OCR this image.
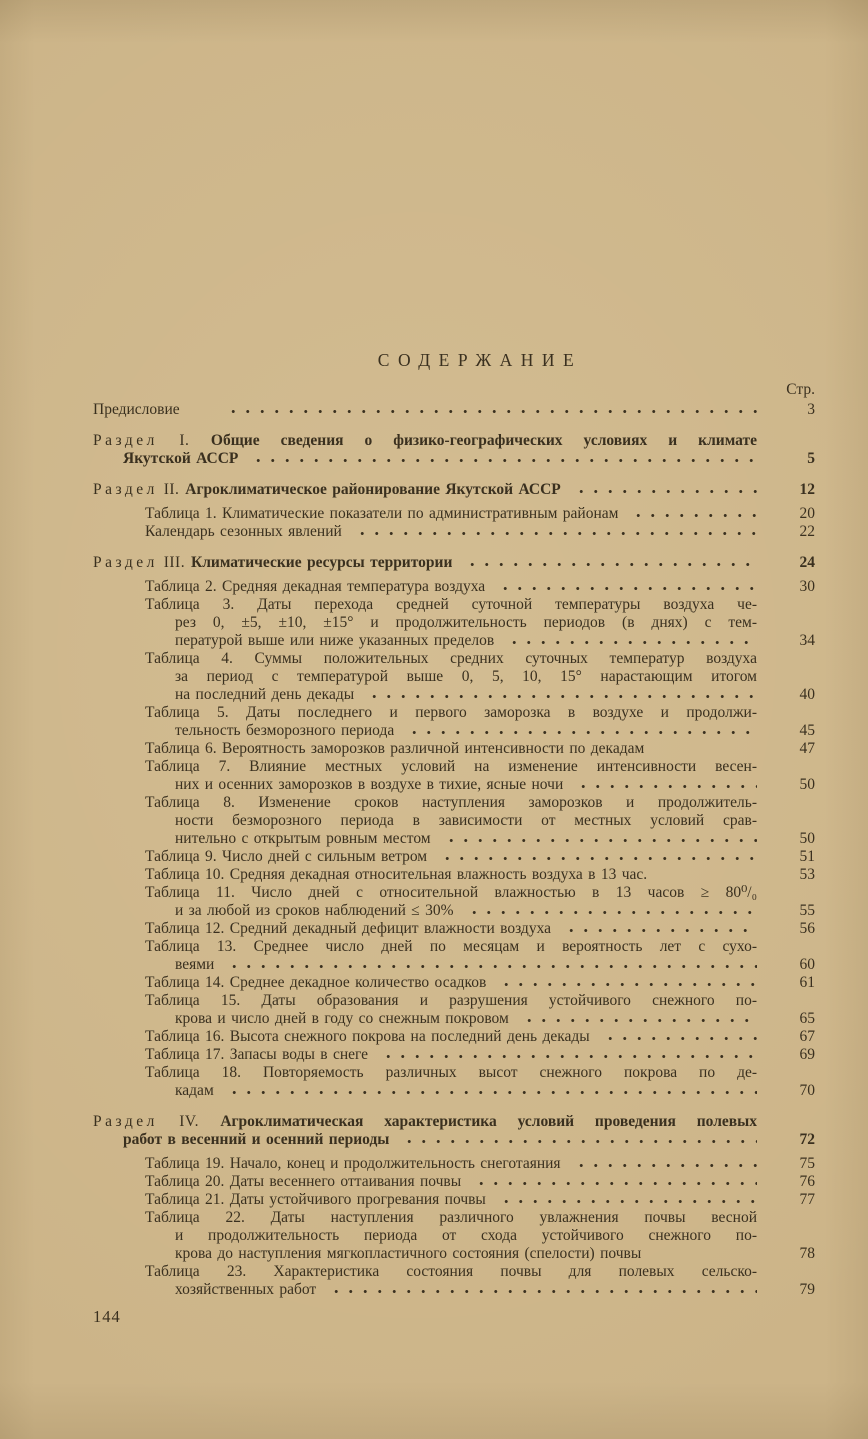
СОДЕРЖАНИЕ
Стр.
Предисловие	3
Раздел I. Общие сведения о физико-географических условиях и климате
Якутской АССР	5
Раздел II. Агроклиматическое районирование Якутской АССР	12
Таблица 1. Климатические показатели по административным районам	20
Календарь сезонных явлений	22
Раздел III. Климатические ресурсы территории	24
Таблица 2. Средняя декадная температура воздуха	30
Таблица 3. Даты перехода средней суточной температуры воздуха че-
рез 0, ±5, ±10, ±15° и продолжительность периодов (в днях) с тем-
пературой выше или ниже указанных пределов	34
Таблица 4. Суммы положительных средних суточных температур воздуха
за период с температурой выше 0, 5, 10, 15° нарастающим итогом
на последний день декады	40
Таблица 5. Даты последнего и первого заморозка в воздухе и продолжи-
тельность безморозного периода	45
Таблица 6. Вероятность заморозков различной интенсивности по декадам	47
Таблица 7. Влияние местных условий на изменение интенсивности весен-
них и осенних заморозков в воздухе в тихие, ясные ночи	50
Таблица 8. Изменение сроков наступления заморозков и продолжитель-
ности безморозного периода в зависимости от местных условий срав-
нительно с открытым ровным местом	50
Таблица 9. Число дней с сильным ветром	51
Таблица 10. Средняя декадная относительная влажность воздуха в 13 час.	53
Таблица 11. Число дней с относительной влажностью в 13 часов ≥ 80⁰/₀
и за любой из сроков наблюдений ≤ 30%	55
Таблица 12. Средний декадный дефицит влажности воздуха	56
Таблица 13. Среднее число дней по месяцам и вероятность лет с сухо-
веями	60
Таблица 14. Среднее декадное количество осадков	61
Таблица 15. Даты образования и разрушения устойчивого снежного по-
крова и число дней в году со снежным покровом	65
Таблица 16. Высота снежного покрова на последний день декады	67
Таблица 17. Запасы воды в снеге	69
Таблица 18. Повторяемость различных высот снежного покрова по де-
кадам	70
Раздел IV. Агроклиматическая характеристика условий проведения полевых
работ в весенний и осенний периоды	72
Таблица 19. Начало, конец и продолжительность снеготаяния	75
Таблица 20. Даты весеннего оттаивания почвы	76
Таблица 21. Даты устойчивого прогревания почвы	77
Таблица 22. Даты наступления различного увлажнения почвы весной
и продолжительность периода от схода устойчивого снежного по-
крова до наступления мягкопластичного состояния (спелости) почвы	78
Таблица 23. Характеристика состояния почвы для полевых сельско-
хозяйственных работ	79
144
